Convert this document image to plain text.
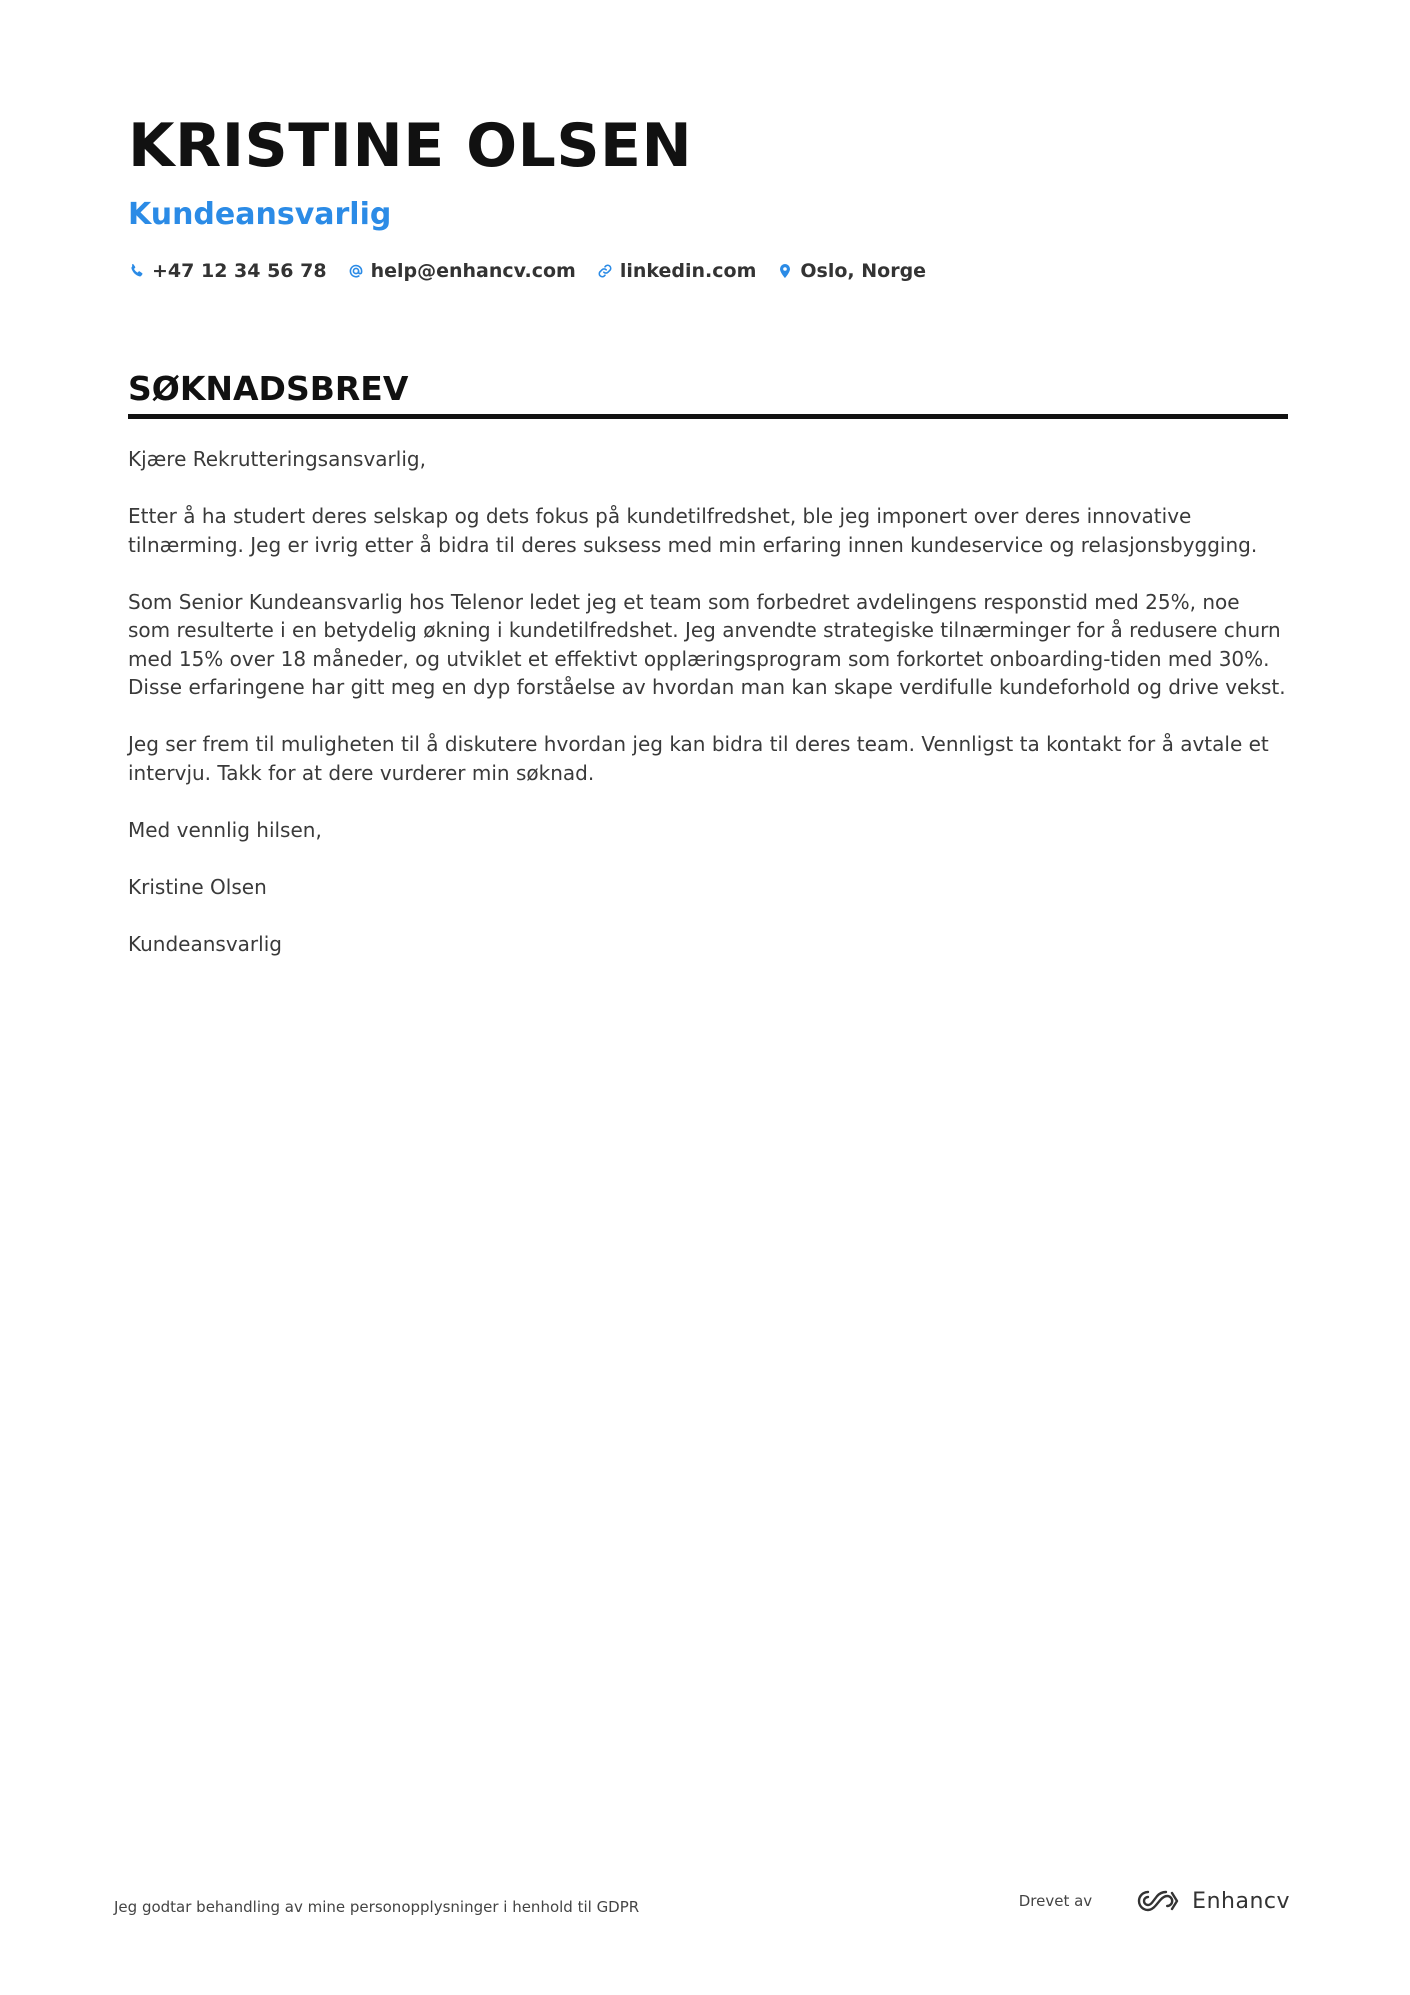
KRISTINE OLSEN
Kundeansvarlig
+47 12 34 56 78 help@enhancv.com linkedin.com Oslo, Norge
SØKNADSBREV

Kjære Rekrutteringsansvarlig,

Etter å ha studert deres selskap og dets fokus på kundetilfredshet, ble jeg imponert over deres innovative tilnærming. Jeg er ivrig etter å bidra til deres suksess med min erfaring innen kundeservice og relasjonsbygging.

Som Senior Kundeansvarlig hos Telenor ledet jeg et team som forbedret avdelingens responstid med 25%, noe som resulterte i en betydelig økning i kundetilfredshet. Jeg anvendte strategiske tilnærminger for å redusere churn med 15% over 18 måneder, og utviklet et effektivt opplæringsprogram som forkortet onboarding-tiden med 30%. Disse erfaringene har gitt meg en dyp forståelse av hvordan man kan skape verdifulle kundeforhold og drive vekst.

Jeg ser frem til muligheten til å diskutere hvordan jeg kan bidra til deres team. Vennligst ta kontakt for å avtale et intervju. Takk for at dere vurderer min søknad.

Med vennlig hilsen,

Kristine Olsen

Kundeansvarlig

Jeg godtar behandling av mine personopplysninger i henhold til GDPR	Drevet av	Enhancv
